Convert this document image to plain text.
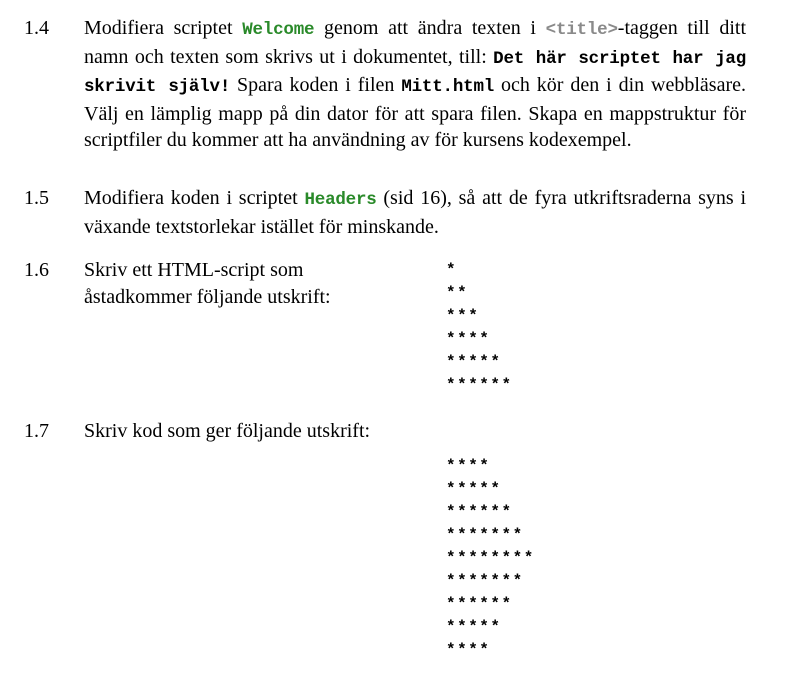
1.4 Modifiera scriptet Welcome genom att ändra texten i <title>-taggen till ditt namn och texten som skrivs ut i dokumentet, till: Det här scriptet har jag skrivit själv! Spara koden i filen Mitt.html och kör den i din webbläsare. Välj en lämplig mapp på din dator för att spara filen. Skapa en mappstruktur för scriptfiler du kommer att ha användning av för kursens kodexempel.

1.5 Modifiera koden i scriptet Headers (sid 16), så att de fyra utkriftsraderna syns i växande textstorlekar istället för minskande.

1.6 Skriv ett HTML-script som
åstadkommer följande utskrift:
*
**
***
****
*****
******
1.7 Skriv kod som ger följande utskrift:
****
*****
******
*******
********
*******
******
*****
****
